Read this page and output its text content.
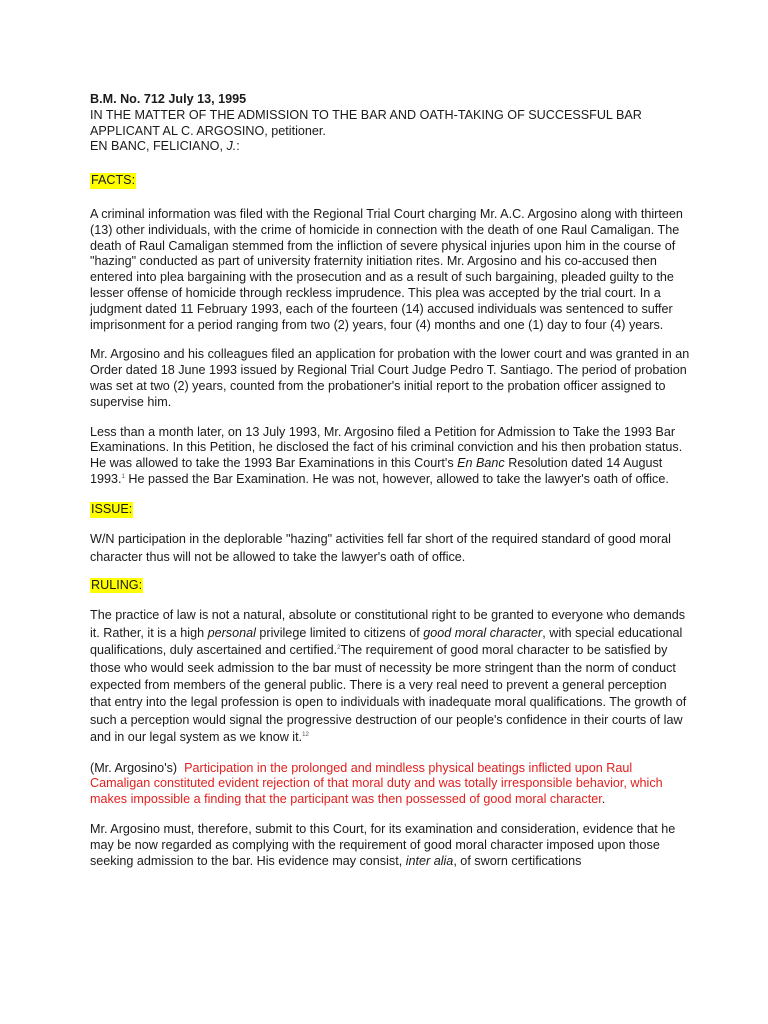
B.M. No. 712 July 13, 1995
IN THE MATTER OF THE ADMISSION TO THE BAR AND OATH-TAKING OF SUCCESSFUL BAR
APPLICANT AL C. ARGOSINO, petitioner.
EN BANC, FELICIANO, J.:
FACTS:

A criminal information was filed with the Regional Trial Court charging Mr. A.C. Argosino along with thirteen (13) other individuals, with the crime of homicide in connection with the death of one Raul Camaligan. The death of Raul Camaligan stemmed from the infliction of severe physical injuries upon him in the course of "hazing" conducted as part of university fraternity initiation rites. Mr. Argosino and his co-accused then entered into plea bargaining with the prosecution and as a result of such bargaining, pleaded guilty to the lesser offense of homicide through reckless imprudence. This plea was accepted by the trial court. In a judgment dated 11 February 1993, each of the fourteen (14) accused individuals was sentenced to suffer imprisonment for a period ranging from two (2) years, four (4) months and one (1) day to four (4) years.

Mr. Argosino and his colleagues filed an application for probation with the lower court and was granted in an Order dated 18 June 1993 issued by Regional Trial Court Judge Pedro T. Santiago. The period of probation was set at two (2) years, counted from the probationer's initial report to the probation officer assigned to supervise him.

Less than a month later, on 13 July 1993, Mr. Argosino filed a Petition for Admission to Take the 1993 Bar Examinations. In this Petition, he disclosed the fact of his criminal conviction and his then probation status. He was allowed to take the 1993 Bar Examinations in this Court's En Banc Resolution dated 14 August 1993.$^1$ He passed the Bar Examination. He was not, however, allowed to take the lawyer's oath of office.

ISSUE:

W/N participation in the deplorable "hazing" activities fell far short of the required standard of good moral character thus will not be allowed to take the lawyer's oath of office.

RULING:

The practice of law is not a natural, absolute or constitutional right to be granted to everyone who demands it. Rather, it is a high personal privilege limited to citizens of good moral character, with special educational qualifications, duly ascertained and certified.$^2$The requirement of good moral character to be satisfied by those who would seek admission to the bar must of necessity be more stringent than the norm of conduct expected from members of the general public. There is a very real need to prevent a general perception that entry into the legal profession is open to individuals with inadequate moral qualifications. The growth of such a perception would signal the progressive destruction of our people's confidence in their courts of law and in our legal system as we know it.$^{12}$

(Mr. Argosino's) Participation in the prolonged and mindless physical beatings inflicted upon Raul Camaligan constituted evident rejection of that moral duty and was totally irresponsible behavior, which makes impossible a finding that the participant was then possessed of good moral character.

Mr. Argosino must, therefore, submit to this Court, for its examination and consideration, evidence that he may be now regarded as complying with the requirement of good moral character imposed upon those seeking admission to the bar. His evidence may consist, inter alia, of sworn certifications
